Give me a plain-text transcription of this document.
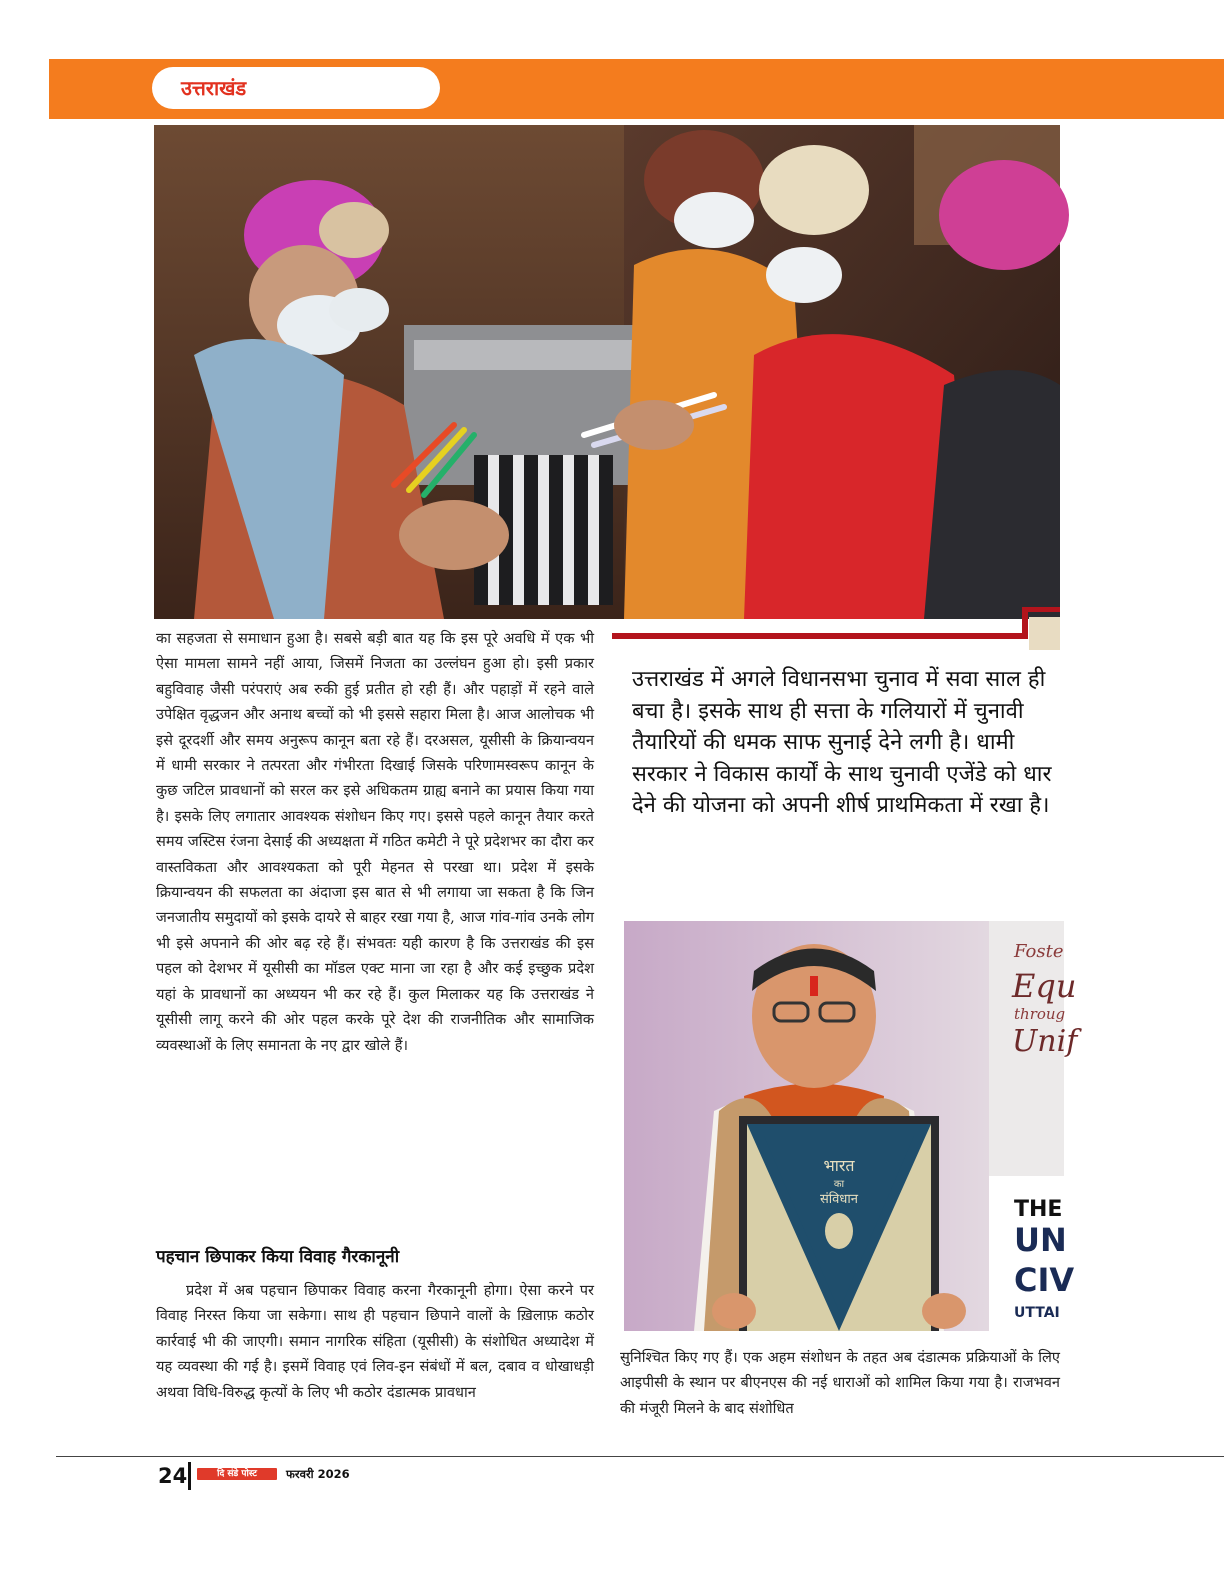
उत्तराखंड

का सहजता से समाधान हुआ है। सबसे बड़ी बात यह कि इस पूरे अवधि में एक भी ऐसा मामला सामने नहीं आया, जिसमें निजता का उल्लंघन हुआ हो। इसी प्रकार बहुविवाह जैसी परंपराएं अब रुकी हुई प्रतीत हो रही हैं। और पहाड़ों में रहने वाले उपेक्षित वृद्धजन और अनाथ बच्चों को भी इससे सहारा मिला है। आज आलोचक भी इसे दूरदर्शी और समय अनुरूप कानून बता रहे हैं। दरअसल, यूसीसी के क्रियान्वयन में धामी सरकार ने तत्परता और गंभीरता दिखाई जिसके परिणामस्वरूप कानून के कुछ जटिल प्रावधानों को सरल कर इसे अधिकतम ग्राह्य बनाने का प्रयास किया गया है। इसके लिए लगातार आवश्यक संशोधन किए गए। इससे पहले कानून तैयार करते समय जस्टिस रंजना देसाई की अध्यक्षता में गठित कमेटी ने पूरे प्रदेशभर का दौरा कर वास्तविकता और आवश्यकता को पूरी मेहनत से परखा था। प्रदेश में इसके क्रियान्वयन की सफलता का अंदाजा इस बात से भी लगाया जा सकता है कि जिन जनजातीय समुदायों को इसके दायरे से बाहर रखा गया है, आज गांव-गांव उनके लोग भी इसे अपनाने की ओर बढ़ रहे हैं। संभवतः यही कारण है कि उत्तराखंड की इस पहल को देशभर में यूसीसी का मॉडल एक्ट माना जा रहा है और कई इच्छुक प्रदेश यहां के प्रावधानों का अध्ययन भी कर रहे हैं। कुल मिलाकर यह कि उत्तराखंड ने यूसीसी लागू करने की ओर पहल करके पूरे देश की राजनीतिक और सामाजिक व्यवस्थाओं के लिए समानता के नए द्वार खोले हैं।

पहचान छिपाकर किया विवाह गैरकानूनी

प्रदेश में अब पहचान छिपाकर विवाह करना गैरकानूनी होगा। ऐसा करने पर विवाह निरस्त किया जा सकेगा। साथ ही पहचान छिपाने वालों के ख़िलाफ़ कठोर कार्रवाई भी की जाएगी। समान नागरिक संहिता (यूसीसी) के संशोधित अध्यादेश में यह व्यवस्था की गई है। इसमें विवाह एवं लिव-इन संबंधों में बल, दबाव व धोखाधड़ी अथवा विधि-विरुद्ध कृत्यों के लिए भी कठोर दंडात्मक प्रावधान

उत्तराखंड में अगले विधानसभा चुनाव में सवा साल ही बचा है। इसके साथ ही सत्ता के गलियारों में चुनावी तैयारियों की धमक साफ सुनाई देने लगी है। धामी सरकार ने विकास कार्यों के साथ चुनावी एजेंडे को धार देने की योजना को अपनी शीर्ष प्राथमिकता में रखा है।
Foste
Equ
throug
Unif
THE
UN
CIV
UTTAI
भारत
का
संविधान

सुनिश्चित किए गए हैं। एक अहम संशोधन के तहत अब दंडात्मक प्रक्रियाओं के लिए आइपीसी के स्थान पर बीएनएस की नई धाराओं को शामिल किया गया है। राजभवन की मंजूरी मिलने के बाद संशोधित

24	दि संडे पोस्ट	फरवरी 2026
